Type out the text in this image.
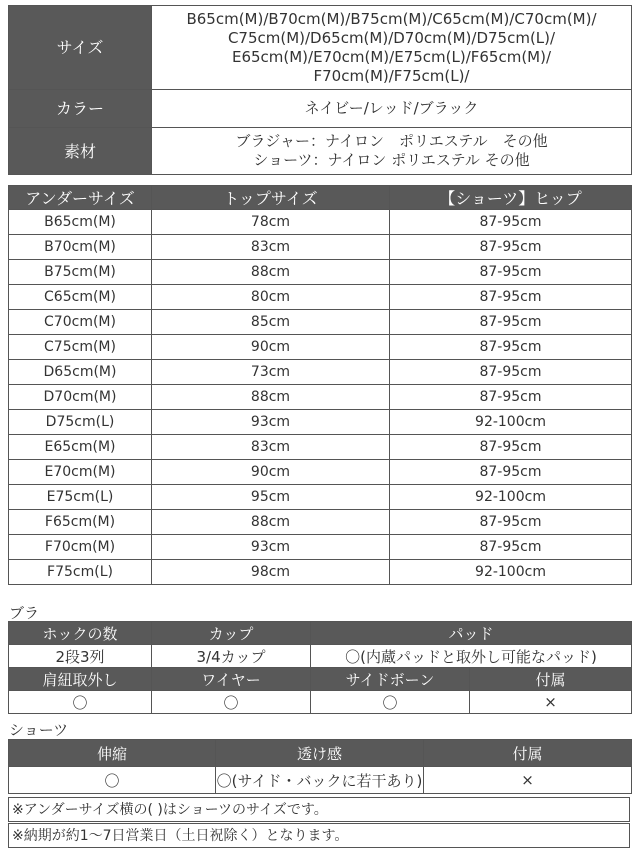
サイズ	B65cm(M)/B70cm(M)/B75cm(M)/C65cm(M)/C70cm(M)/
C75cm(M)/D65cm(M)/D70cm(M)/D75cm(L)/
E65cm(M)/E70cm(M)/E75cm(L)/F65cm(M)/
F70cm(M)/F75cm(L)/

カラー	ネイビー/レッド/ブラック
素材	ブラジャー：ナイロン　ポリエステル　その他
ショーツ：ナイロン ポリエステル その他
アンダーサイズ	トップサイズ	【ショーツ】ヒップ
B65cm(M)	78cm	87-95cm
B70cm(M)	83cm	87-95cm
B75cm(M)	88cm	87-95cm
C65cm(M)	80cm	87-95cm
C70cm(M)	85cm	87-95cm
C75cm(M)	90cm	87-95cm
D65cm(M)	73cm	87-95cm
D70cm(M)	88cm	87-95cm
D75cm(L)	93cm	92-100cm
E65cm(M)	83cm	87-95cm
E70cm(M)	90cm	87-95cm
E75cm(L)	95cm	92-100cm
F65cm(M)	88cm	87-95cm
F70cm(M)	93cm	87-95cm
F75cm(L)	98cm	92-100cm
ブラ
ホックの数	カップ	パッド	
2段3列	3/4カップ	〇(内蔵パッドと取外し可能なパッド)	
肩紐取外し	ワイヤー	サイドボーン	付属
〇	〇	〇	×
ショーツ
伸縮	透け感	付属
〇	〇(サイド・バックに若干あり)	×
※アンダーサイズ横の( )はショーツのサイズです。
※納期が約1～7日営業日（土日祝除く）となります。
